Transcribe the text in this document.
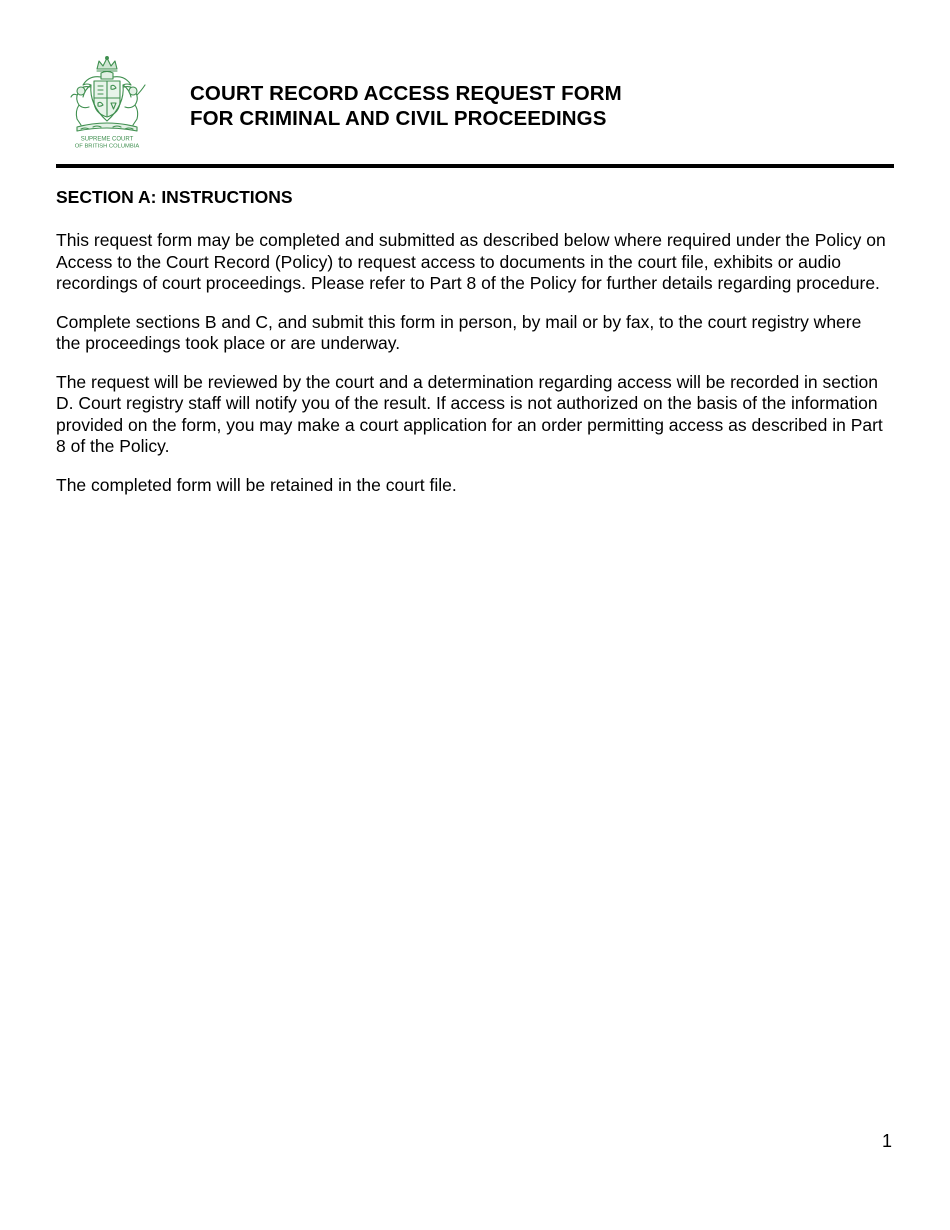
SUPREME COURT
OF BRITISH COLUMBIA
COURT RECORD ACCESS REQUEST FORM
FOR CRIMINAL AND CIVIL PROCEEDINGS
SECTION A: INSTRUCTIONS

This request form may be completed and submitted as described below where required under the Policy on Access to the Court Record (Policy) to request access to documents in the court file, exhibits or audio recordings of court proceedings. Please refer to Part 8 of the Policy for further details regarding procedure.

Complete sections B and C, and submit this form in person, by mail or by fax, to the court registry where the proceedings took place or are underway.

The request will be reviewed by the court and a determination regarding access will be recorded in section D. Court registry staff will notify you of the result. If access is not authorized on the basis of the information provided on the form, you may make a court application for an order permitting access as described in Part 8 of the Policy.

The completed form will be retained in the court file.

1
